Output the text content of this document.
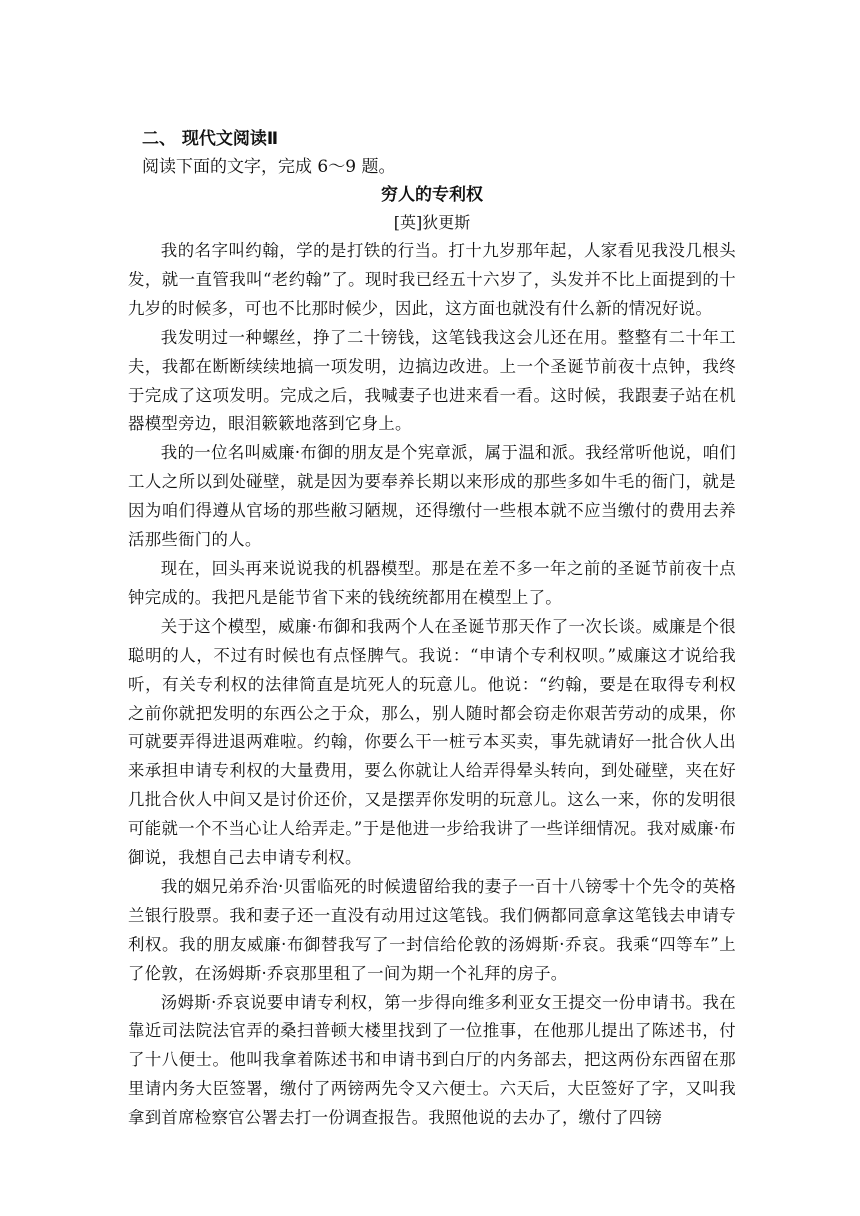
二、 现代文阅读Ⅱ

阅读下面的文字，完成 6～9 题。

穷人的专利权

[英]狄更斯

我的名字叫约翰，学的是打铁的行当。打十九岁那年起，人家看见我没几根头发，就一直管我叫“老约翰”了。现时我已经五十六岁了，头发并不比上面提到的十九岁的时候多，可也不比那时候少，因此，这方面也就没有什么新的情况好说。

我发明过一种螺丝，挣了二十镑钱，这笔钱我这会儿还在用。整整有二十年工夫，我都在断断续续地搞一项发明，边搞边改进。上一个圣诞节前夜十点钟，我终于完成了这项发明。完成之后，我喊妻子也进来看一看。这时候，我跟妻子站在机器模型旁边，眼泪簌簌地落到它身上。

我的一位名叫威廉·布御的朋友是个宪章派，属于温和派。我经常听他说，咱们工人之所以到处碰壁，就是因为要奉养长期以来形成的那些多如牛毛的衙门，就是因为咱们得遵从官场的那些敝习陋规，还得缴付一些根本就不应当缴付的费用去养活那些衙门的人。

现在，回头再来说说我的机器模型。那是在差不多一年之前的圣诞节前夜十点钟完成的。我把凡是能节省下来的钱统统都用在模型上了。

关于这个模型，威廉·布御和我两个人在圣诞节那天作了一次长谈。威廉是个很聪明的人，不过有时候也有点怪脾气。我说：“申请个专利权呗。”威廉这才说给我听，有关专利权的法律简直是坑死人的玩意儿。他说：“约翰，要是在取得专利权之前你就把发明的东西公之于众，那么，别人随时都会窃走你艰苦劳动的成果，你可就要弄得进退两难啦。约翰，你要么干一桩亏本买卖，事先就请好一批合伙人出来承担申请专利权的大量费用，要么你就让人给弄得晕头转向，到处碰壁，夹在好几批合伙人中间又是讨价还价，又是摆弄你发明的玩意儿。这么一来，你的发明很可能就一个不当心让人给弄走。”于是他进一步给我讲了一些详细情况。我对威廉·布御说，我想自己去申请专利权。

我的姻兄弟乔治·贝雷临死的时候遗留给我的妻子一百十八镑零十个先令的英格兰银行股票。我和妻子还一直没有动用过这笔钱。我们俩都同意拿这笔钱去申请专利权。我的朋友威廉·布御替我写了一封信给伦敦的汤姆斯·乔哀。我乘“四等车”上了伦敦，在汤姆斯·乔哀那里租了一间为期一个礼拜的房子。

汤姆斯·乔哀说要申请专利权，第一步得向维多利亚女王提交一份申请书。我在靠近司法院法官弄的桑扫普顿大楼里找到了一位推事，在他那儿提出了陈述书，付了十八便士。他叫我拿着陈述书和申请书到白厅的内务部去，把这两份东西留在那里请内务大臣签署，缴付了两镑两先令又六便士。六天后，大臣签好了字，又叫我拿到首席检察官公署去打一份调查报告。我照他说的去办了，缴付了四镑
